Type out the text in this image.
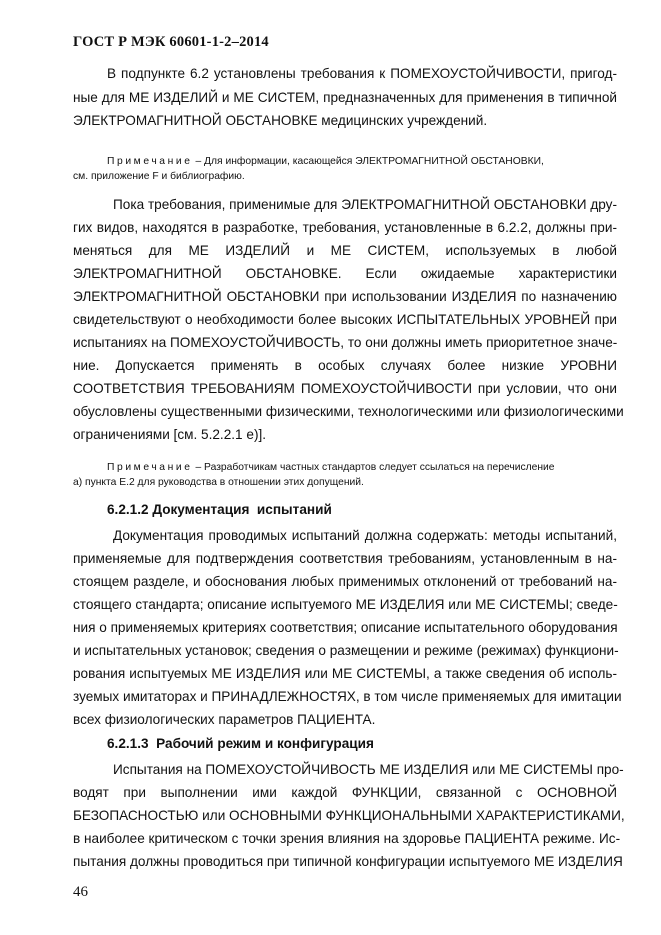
ГОСТ Р МЭК 60601-1-2–2014
В подпункте 6.2 установлены требования к ПОМЕХОУСТОЙЧИВОСТИ, пригод-
ные для МЕ ИЗДЕЛИЙ и МЕ СИСТЕМ, предназначенных для применения в типичной
ЭЛЕКТРОМАГНИТНОЙ ОБСТАНОВКЕ медицинских учреждений.
Примечание – Для информации, касающейся ЭЛЕКТРОМАГНИТНОЙ ОБСТАНОВКИ,
см. приложение F и библиографию.
Пока требования, применимые для ЭЛЕКТРОМАГНИТНОЙ ОБСТАНОВКИ дру-
гих видов, находятся в разработке, требования, установленные в 6.2.2, должны при-
меняться для МЕ ИЗДЕЛИЙ и МЕ СИСТЕМ, используемых в любой
ЭЛЕКТРОМАГНИТНОЙ ОБСТАНОВКЕ. Если ожидаемые характеристики
ЭЛЕКТРОМАГНИТНОЙ ОБСТАНОВКИ при использовании ИЗДЕЛИЯ по назначению
свидетельствуют о необходимости более высоких ИСПЫТАТЕЛЬНЫХ УРОВНЕЙ при
испытаниях на ПОМЕХОУСТОЙЧИВОСТЬ, то они должны иметь приоритетное значе-
ние. Допускается применять в особых случаях более низкие УРОВНИ
СООТВЕТСТВИЯ ТРЕБОВАНИЯМ ПОМЕХОУСТОЙЧИВОСТИ при условии, что они
обусловлены существенными физическими, технологическими или физиологическими
ограничениями [см. 5.2.2.1 е)].
Примечание – Разработчикам частных стандартов следует ссылаться на перечисление
а) пункта Е.2 для руководства в отношении этих допущений.
6.2.1.2 Документация  испытаний
Документация проводимых испытаний должна содержать: методы испытаний,
применяемые для подтверждения соответствия требованиям, установленным в на-
стоящем разделе, и обоснования любых применимых отклонений от требований на-
стоящего стандарта; описание испытуемого МЕ ИЗДЕЛИЯ или МЕ СИСТЕМЫ; сведе-
ния о применяемых критериях соответствия; описание испытательного оборудования
и испытательных установок; сведения о размещении и режиме (режимах) функциони-
рования испытуемых МЕ ИЗДЕЛИЯ или МЕ СИСТЕМЫ, а также сведения об исполь-
зуемых имитаторах и ПРИНАДЛЕЖНОСТЯХ, в том числе применяемых для имитации
всех физиологических параметров ПАЦИЕНТА.
6.2.1.3  Рабочий режим и конфигурация
Испытания на ПОМЕХОУСТОЙЧИВОСТЬ МЕ ИЗДЕЛИЯ или МЕ СИСТЕМЫ про-
водят при выполнении ими каждой ФУНКЦИИ, связанной с ОСНОВНОЙ
БЕЗОПАСНОСТЬЮ или ОСНОВНЫМИ ФУНКЦИОНАЛЬНЫМИ ХАРАКТЕРИСТИКАМИ,
в наиболее критическом с точки зрения влияния на здоровье ПАЦИЕНТА режиме. Ис-
пытания должны проводиться при типичной конфигурации испытуемого МЕ ИЗДЕЛИЯ
46
